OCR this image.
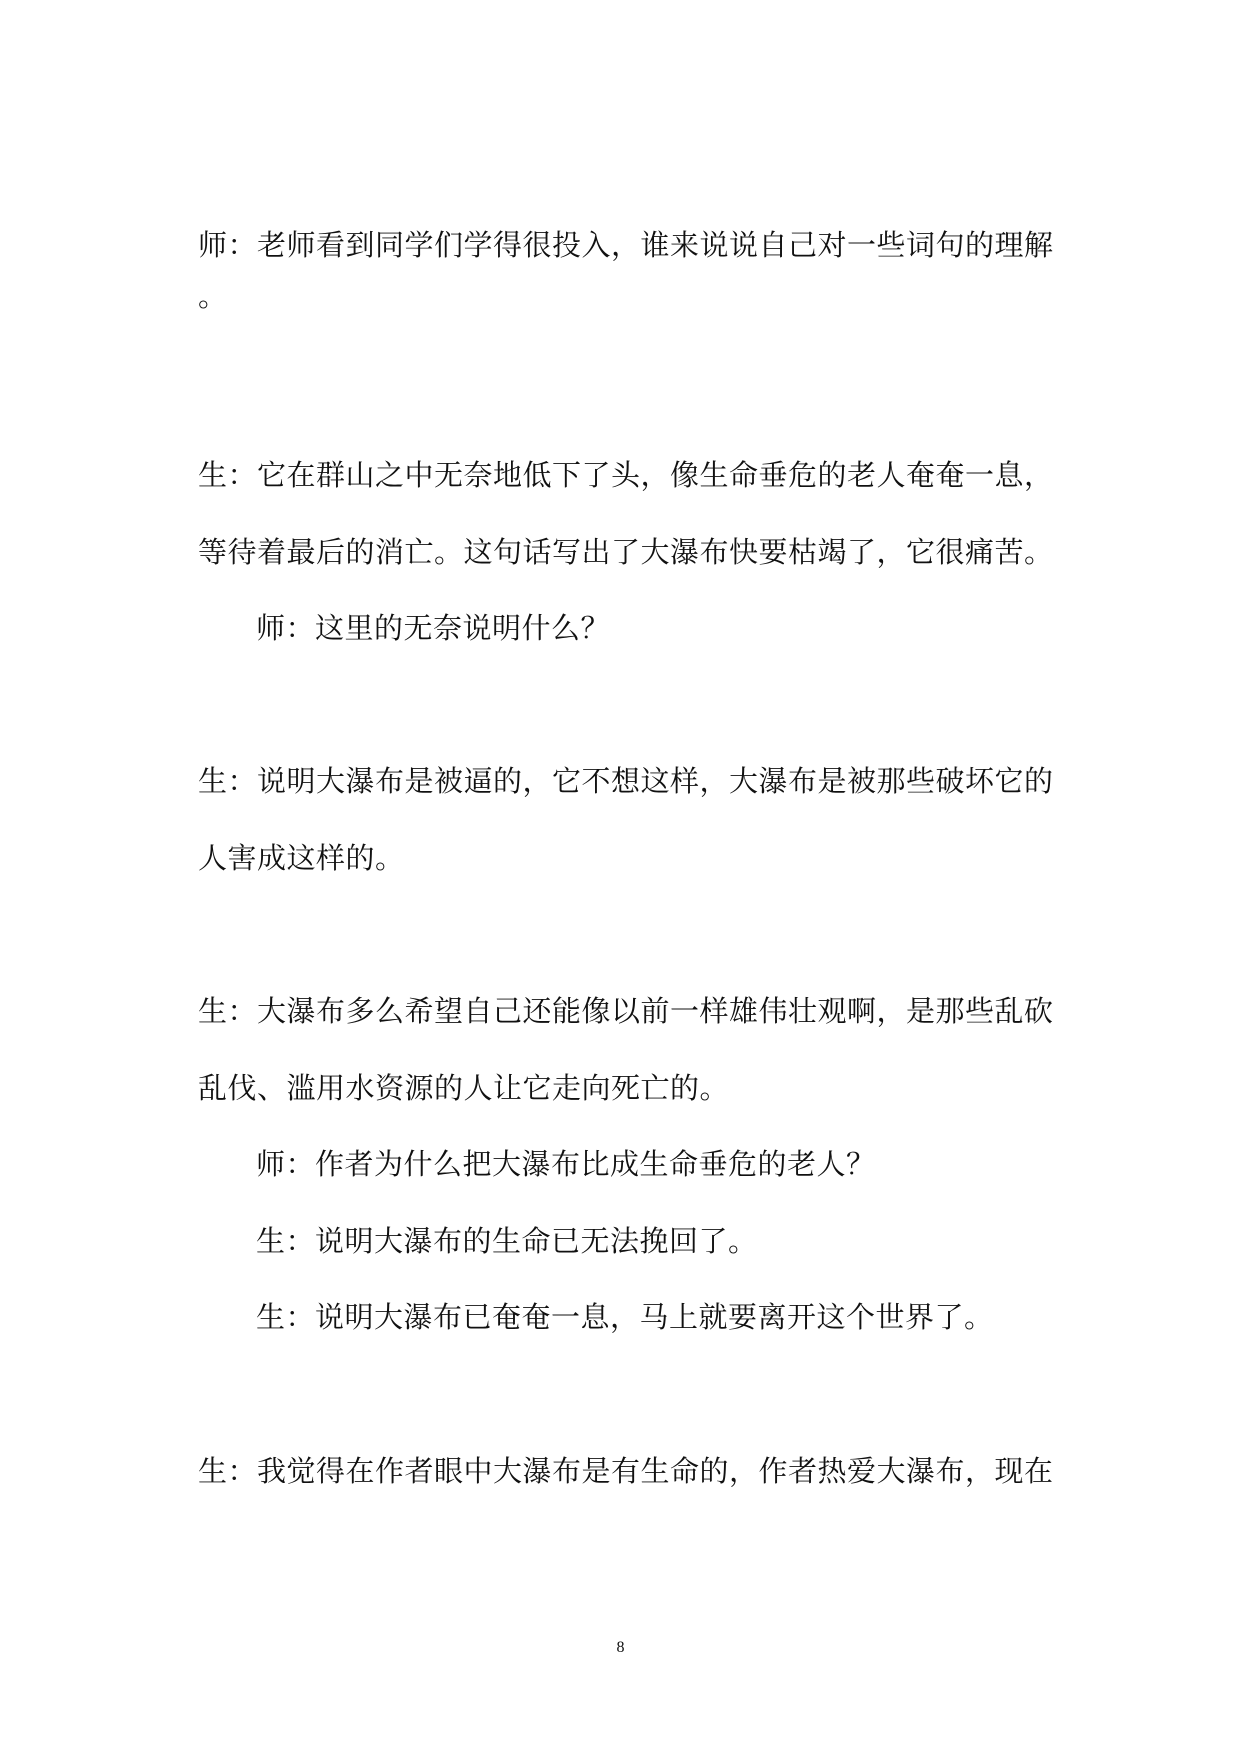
师：老师看到同学们学得很投入，谁来说说自己对一些词句的理解
。
生：它在群山之中无奈地低下了头，像生命垂危的老人奄奄一息，
等待着最后的消亡。这句话写出了大瀑布快要枯竭了，它很痛苦。
师：这里的无奈说明什么？
生：说明大瀑布是被逼的，它不想这样，大瀑布是被那些破坏它的
人害成这样的。
生：大瀑布多么希望自己还能像以前一样雄伟壮观啊，是那些乱砍
乱伐、滥用水资源的人让它走向死亡的。
师：作者为什么把大瀑布比成生命垂危的老人？
生：说明大瀑布的生命已无法挽回了。
生：说明大瀑布已奄奄一息，马上就要离开这个世界了。
生：我觉得在作者眼中大瀑布是有生命的，作者热爱大瀑布，现在
8
